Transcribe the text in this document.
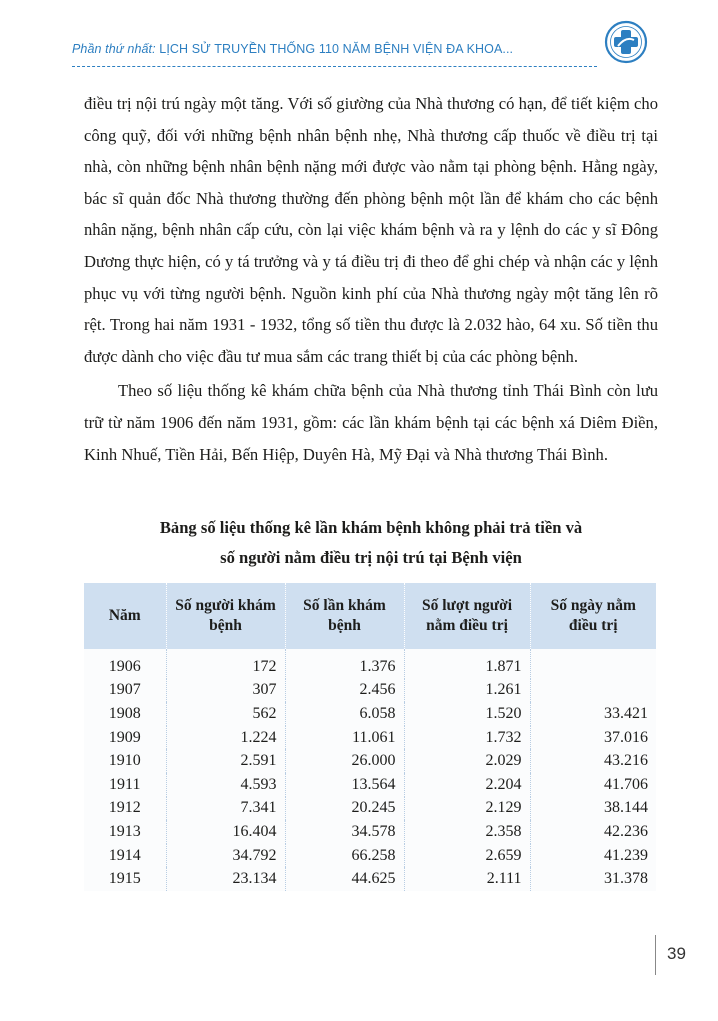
Phần thứ nhất: LỊCH SỬ TRUYỀN THỐNG 110 NĂM BỆNH VIỆN ĐA KHOA...

điều trị nội trú ngày một tăng. Với số giường của Nhà thương có hạn, để tiết kiệm cho công quỹ, đối với những bệnh nhân bệnh nhẹ, Nhà thương cấp thuốc về điều trị tại nhà, còn những bệnh nhân bệnh nặng mới được vào nằm tại phòng bệnh. Hằng ngày, bác sĩ quản đốc Nhà thương thường đến phòng bệnh một lần để khám cho các bệnh nhân nặng, bệnh nhân cấp cứu, còn lại việc khám bệnh và ra y lệnh do các y sĩ Đông Dương thực hiện, có y tá trưởng và y tá điều trị đi theo để ghi chép và nhận các y lệnh phục vụ với từng người bệnh. Nguồn kinh phí của Nhà thương ngày một tăng lên rõ rệt. Trong hai năm 1931 - 1932, tổng số tiền thu được là 2.032 hào, 64 xu. Số tiền thu được dành cho việc đầu tư mua sắm các trang thiết bị của các phòng bệnh.

Theo số liệu thống kê khám chữa bệnh của Nhà thương tỉnh Thái Bình còn lưu trữ từ năm 1906 đến năm 1931, gồm: các lần khám bệnh tại các bệnh xá Diêm Điền, Kinh Nhuế, Tiền Hải, Bến Hiệp, Duyên Hà, Mỹ Đại và Nhà thương Thái Bình.

Bảng số liệu thống kê lần khám bệnh không phải trả tiền và
số người nằm điều trị nội trú tại Bệnh viện
Năm	Số người khám bệnh	Số lần khám bệnh	Số lượt người nằm điều trị	Số ngày nằm điều trị
1906	172	1.376	1.871	
1907	307	2.456	1.261	
1908	562	6.058	1.520	33.421
1909	1.224	11.061	1.732	37.016
1910	2.591	26.000	2.029	43.216
1911	4.593	13.564	2.204	41.706
1912	7.341	20.245	2.129	38.144
1913	16.404	34.578	2.358	42.236
1914	34.792	66.258	2.659	41.239
1915	23.134	44.625	2.111	31.378
39
